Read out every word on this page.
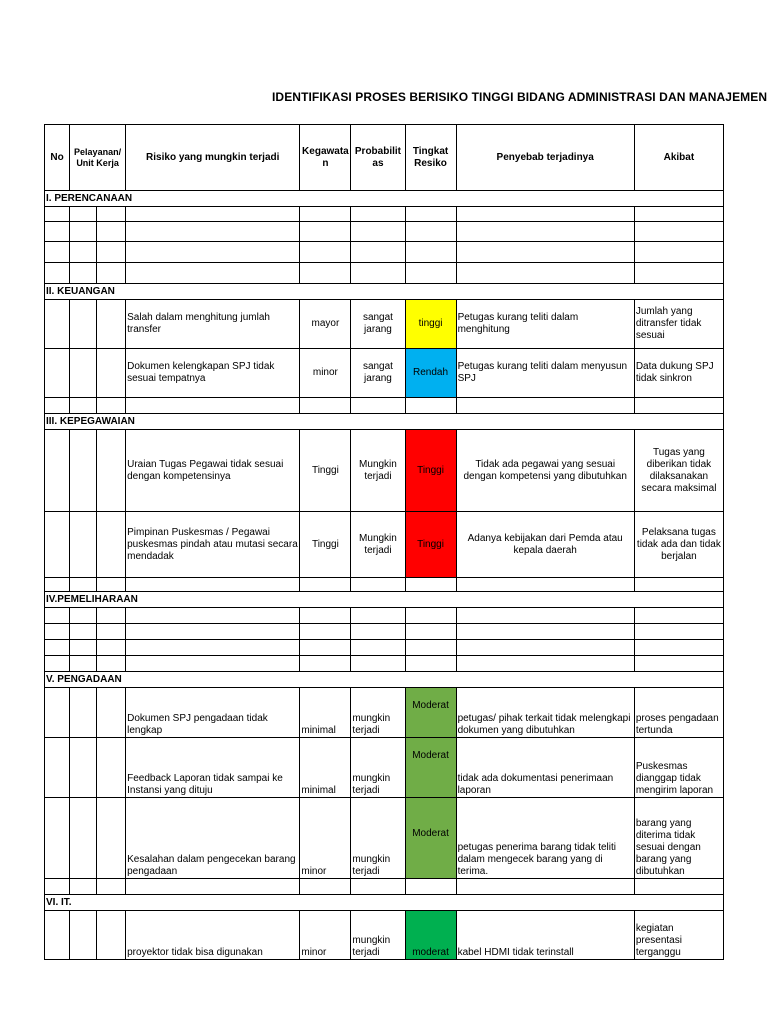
IDENTIFIKASI PROSES BERISIKO TINGGI BIDANG ADMINISTRASI DAN MANAJEMEN
No	Pelayanan/ Unit Kerja		Risiko yang mungkin terjadi	Kegawatan	Probabilitas	Tingkat Resiko	Penyebab terjadinya	Akibat
I. PERENCANAAN								

II. KEUANGAN								
			Salah dalam menghitung jumlah transfer	mayor	sangat jarang	tinggi	Petugas kurang teliti dalam menghitung	Jumlah yang ditransfer tidak sesuai
			Dokumen kelengkapan SPJ tidak sesuai tempatnya	minor	sangat jarang	Rendah	Petugas kurang teliti dalam menyusun SPJ	Data dukung SPJ tidak sinkron

III. KEPEGAWAIAN								
			Uraian Tugas Pegawai tidak sesuai dengan kompetensinya	Tinggi	Mungkin terjadi	Tinggi	Tidak ada pegawai yang sesuai dengan kompetensi yang dibutuhkan	Tugas yang diberikan tidak dilaksanakan secara maksimal
			Pimpinan Puskesmas / Pegawai puskesmas pindah atau mutasi secara mendadak	Tinggi	Mungkin terjadi	Tinggi	Adanya kebijakan dari Pemda atau kepala daerah	Pelaksana tugas tidak ada dan tidak berjalan

IV.PEMELIHARAAN								

V. PENGADAAN								
			Dokumen SPJ pengadaan tidak lengkap	minimal	mungkin terjadi	Moderat	petugas/ pihak terkait tidak melengkapi dokumen yang dibutuhkan	proses pengadaan tertunda
			Feedback Laporan tidak sampai ke Instansi yang dituju	minimal	mungkin terjadi	Moderat	tidak ada dokumentasi penerimaan laporan	Puskesmas dianggap tidak mengirim laporan
			Kesalahan dalam pengecekan barang pengadaan	minor	mungkin terjadi	Moderat	petugas penerima barang tidak teliti dalam mengecek barang yang di terima.	barang yang diterima tidak sesuai dengan barang yang dibutuhkan

VI. IT.								
			proyektor tidak bisa digunakan	minor	mungkin terjadi	moderat	kabel HDMI tidak terinstall	kegiatan presentasi terganggu
